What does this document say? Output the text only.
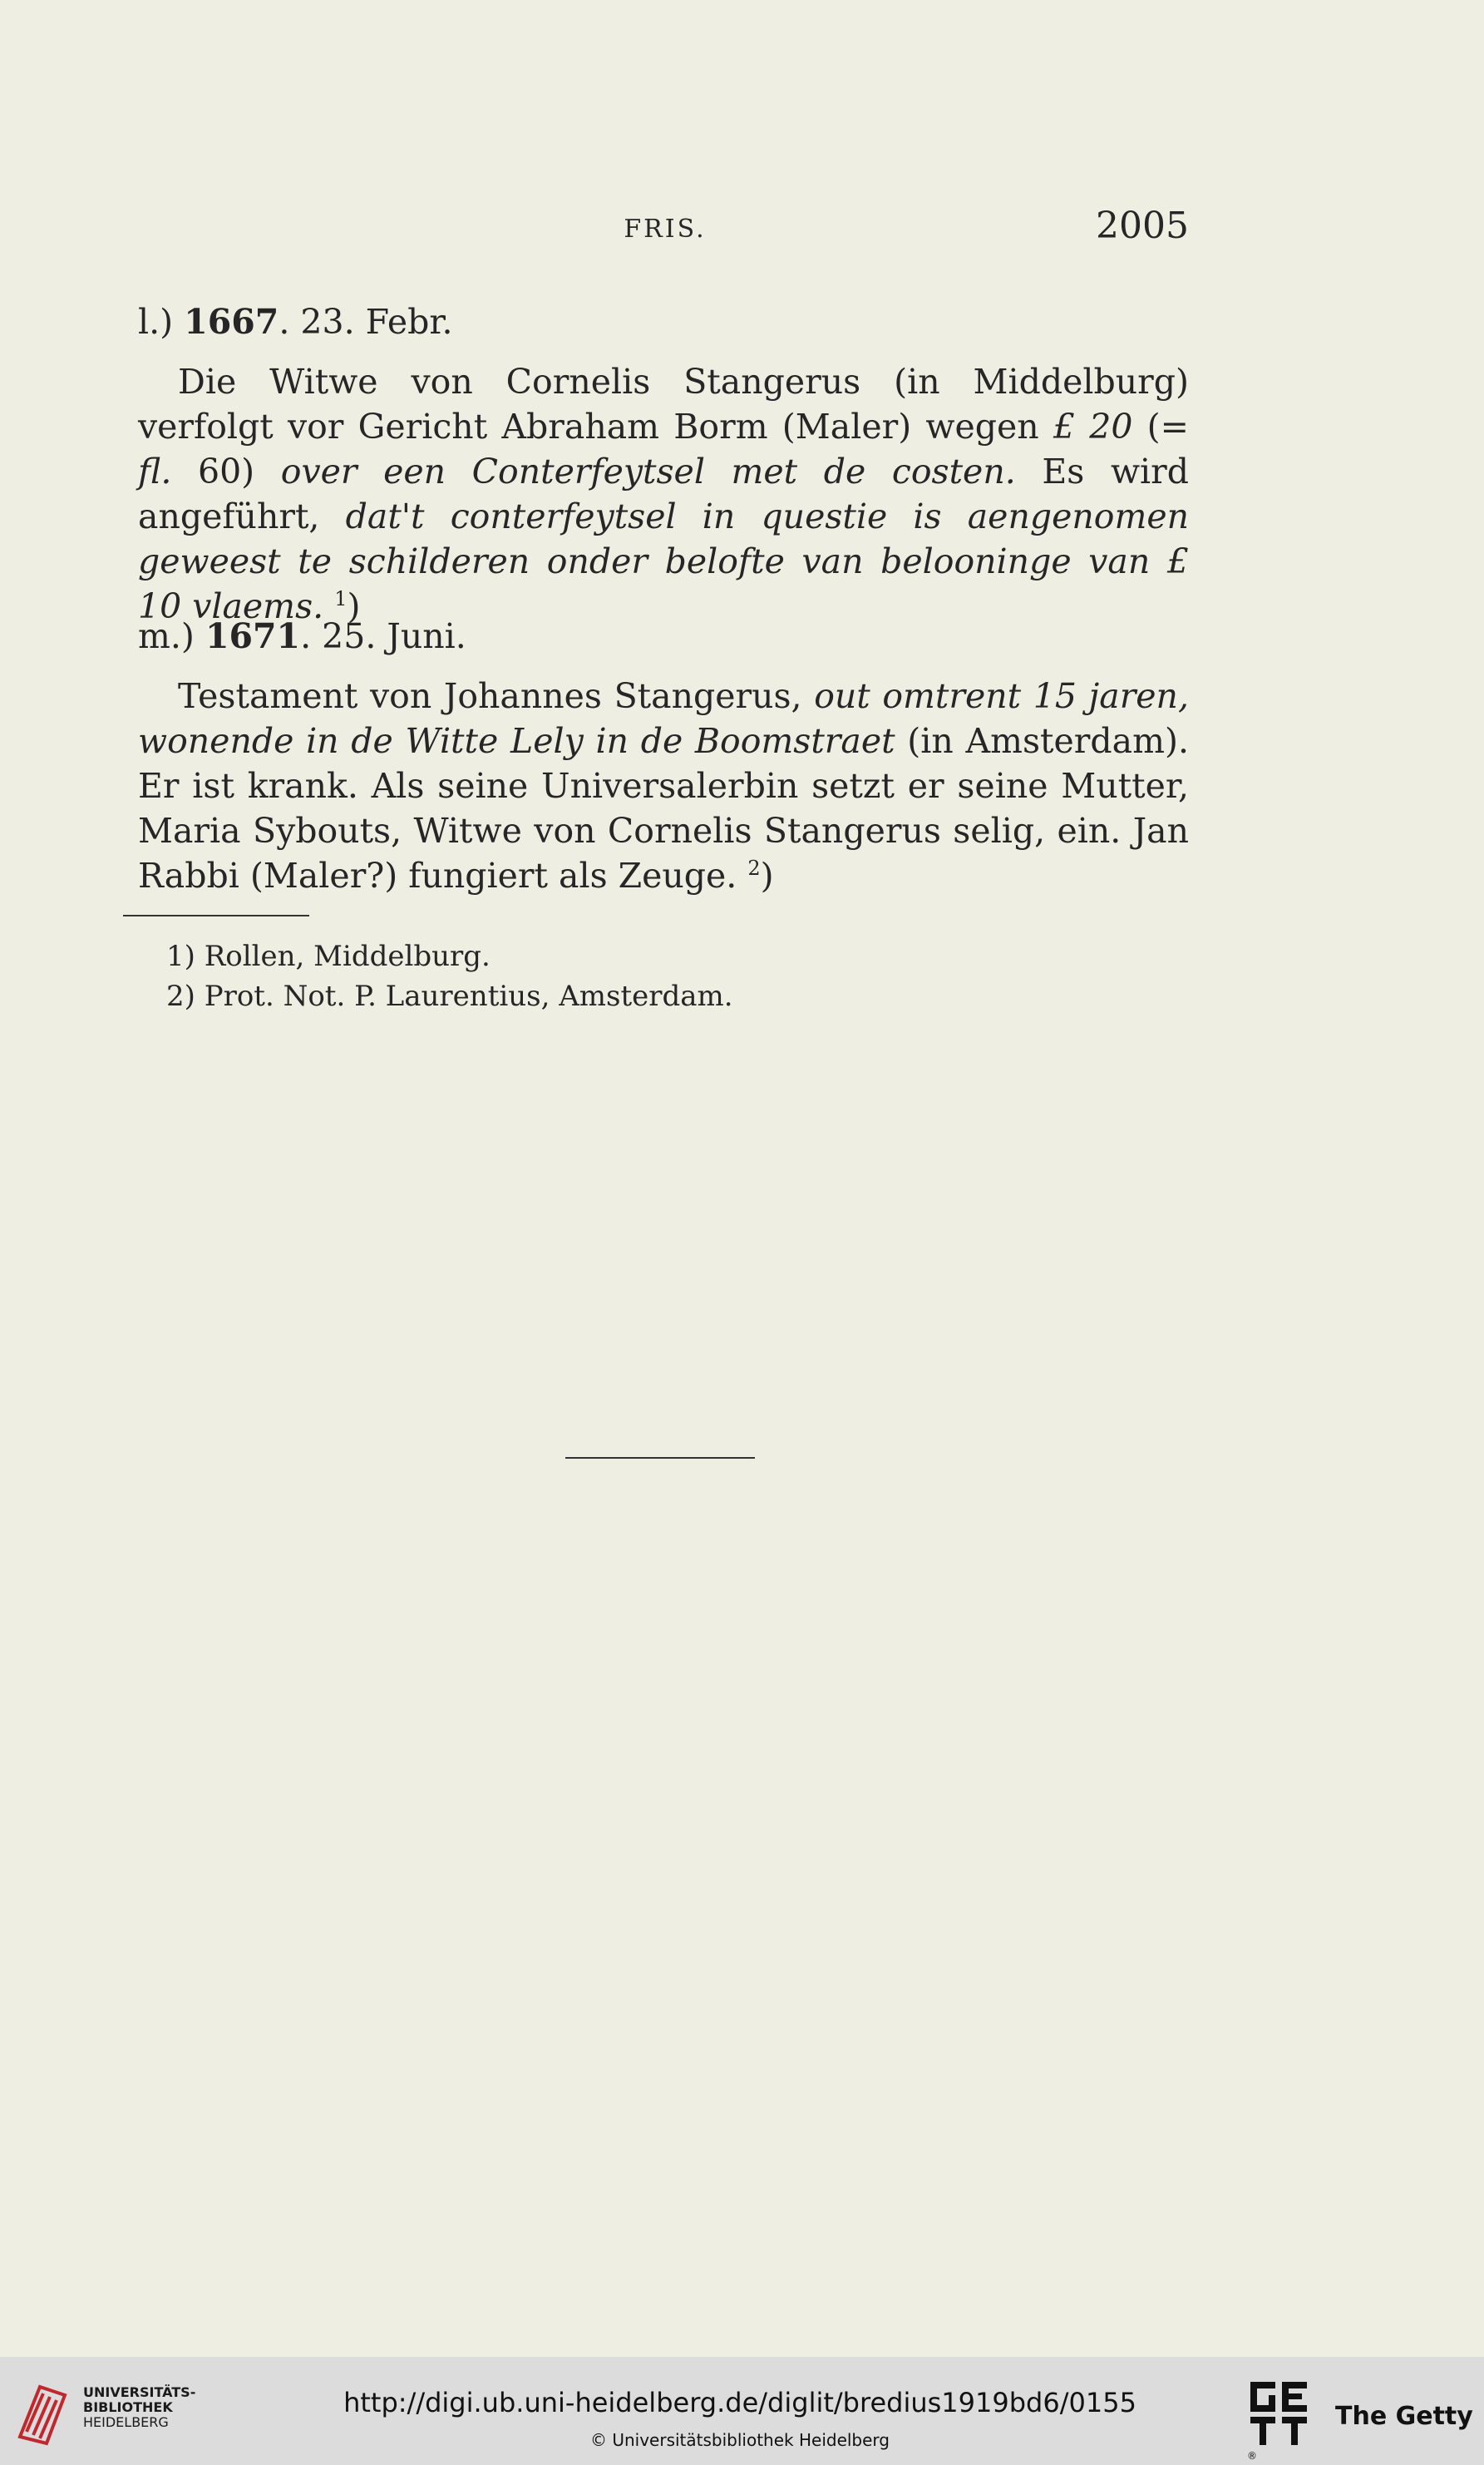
FRIS.	2005
l.) 1667. 23. Febr.
Die Witwe von Cornelis Stangerus (in Middelburg) verfolgt vor Gericht Abraham Borm (Maler) wegen £ 20 (= fl. 60) over een Conterfeytsel met de costen. Es wird angeführt, dat't conterfeytsel in questie is aengenomen geweest te schilderen onder belofte van belooninge van £ 10 vlaems. $^1$)
m.) 1671. 25. Juni.
Testament von Johannes Stangerus, out omtrent 15 jaren, wonende in de Witte Lely in de Boomstraet (in Amsterdam). Er ist krank. Als seine Universalerbin setzt er seine Mutter, Maria Sybouts, Witwe von Cornelis Stangerus selig, ein. Jan Rabbi (Maler?) fungiert als Zeuge. $^2$)
1) Rollen, Middelburg.
2) Prot. Not. P. Laurentius, Amsterdam.
UNIVERSITÄTS-
BIBLIOTHEK
HEIDELBERG
http://digi.ub.uni-heidelberg.de/diglit/bredius1919bd6/0155
© Universitätsbibliothek Heidelberg
The Getty
®
